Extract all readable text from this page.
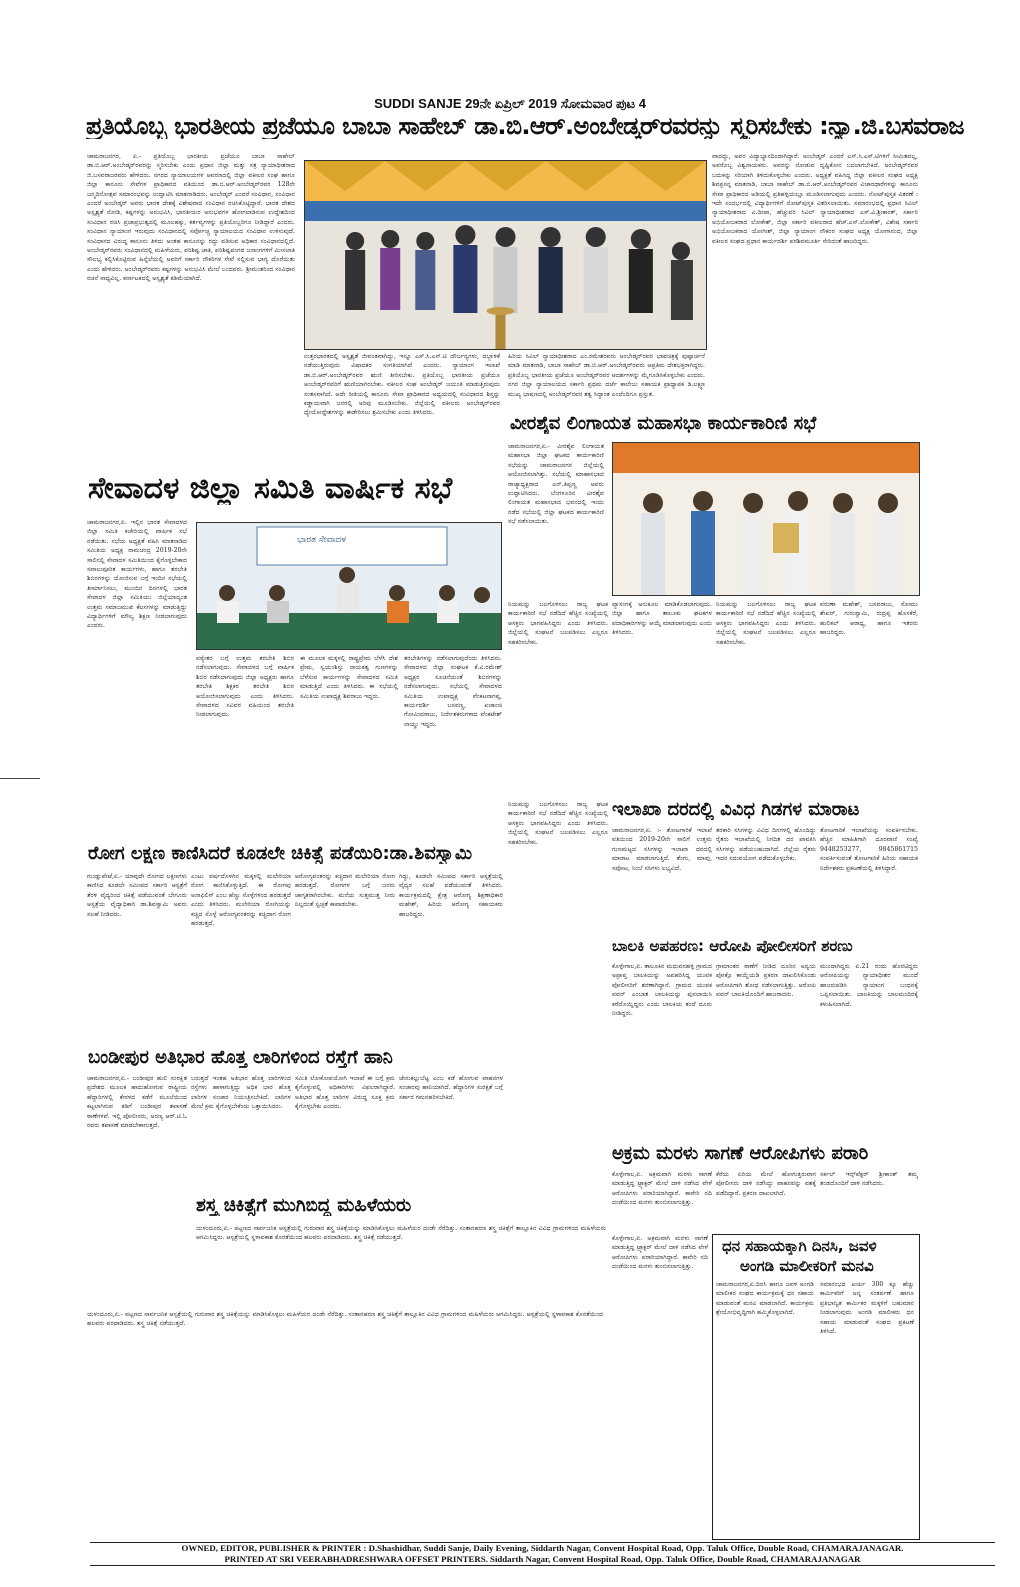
SUDDI SANJE 29ನೇ ಏಪ್ರಿಲ್ 2019 ಸೋಮವಾರ ಪುಟ 4
ಪ್ರತಿಯೊಬ್ಬ ಭಾರತೀಯ ಪ್ರಜೆಯೂ ಬಾಬಾ ಸಾಹೇಬ್ ಡಾ.ಬಿ.ಆರ್.ಅಂಬೇಡ್ಕರ್‌ರವರನ್ನು ಸ್ಮರಿಸಬೇಕು :ನ್ಯಾ.ಜಿ.ಬಸವರಾಜ
ಚಾಮರಾಜನಗರ, ಏ.- ಪ್ರತಿಯೊಬ್ಬ ಭಾರತೀಯ ಪ್ರಜೆಯೂ ಬಾಬಾ ಸಾಹೇಬ್ ಡಾ.ಬಿ.ಆರ್.ಅಂಬೇಡ್ಕರ್‌ರವರನ್ನು ಸ್ಮರಿಸಬೇಕು ಎಂದು ಪ್ರಧಾನ ಜಿಲ್ಲಾ ಮತ್ತು ಸತ್ರ ನ್ಯಾಯಾಧೀಶರಾದ ಜಿ.ಬಸವರಾಜರವರು ಹೇಳಿದರು. ನಗರದ ನ್ಯಾಯಾಲಯಗಳ ಆವರಣದಲ್ಲಿ ಜಿಲ್ಲಾ ವಕೀಲರ ಸಂಘ ಹಾಗೂ ಜಿಲ್ಲಾ ಕಾನೂನು ಸೇವೆಗಳ ಪ್ರಾಧಿಕಾರದ ವತಿಯಿಂದ ಡಾ.ಬಿ.ಆರ್.ಅಂಬೇಡ್ಕರ್‌ರವರ 128ನೇ ಜನ್ಮದಿನೋತ್ಸವ ಸಮಾರಂಭವನ್ನು ಉದ್ಘಾಟಿಸಿ ಮಾತನಾಡಿದರು. ಅಂಬೇಡ್ಕರ್ ಎಂದರೆ ಸಂವಿಧಾನ, ಸಂವಿಧಾನ ಎಂದರೆ ಅಂಬೇಡ್ಕರ್ ಅವರು ಭಾರತ ದೇಶಕ್ಕೆ ವಿಶೇಷವಾದ ಸಂವಿಧಾನ ರಚಿಸಿಕೊಟ್ಟಿದ್ದಾರೆ. ಭಾರತ ದೇಶದ ಅಸ್ಪೃಶ್ಯತೆ ನೋಡಿ, ಕಷ್ಟಗಳನ್ನು ಅನುಭವಿಸಿ, ಭಾರತೀಯರ ಅನುಭವಗಳ ಹೋಗಲಾಡಿಸುವ ಉದ್ದೇಶದಿಂದ ಸಂವಿಧಾನ ರಚಿಸಿ ಪ್ರಜಾಪ್ರಭುತ್ವದಲ್ಲಿ ಮೂಲಹಕ್ಕು, ಕರ್ತವ್ಯಗಳನ್ನು ಪ್ರತಿಯೊಬ್ಬರಿಗೂ ನೀಡಿದ್ದಾರೆ ಎಂದರು. ಸಂವಿಧಾನ ನ್ಯಾಯಾಂಗ ಇರುವುದು ಸಂವಿಧಾನದಲ್ಲಿ ಸರ್ವೋಚ್ಚ ನ್ಯಾಯಾಲಯದ ಸಂವಿಧಾನ ಉಳಿಸುವುದೆ. ಸಂವಿಧಾನದ ವಿರುದ್ಧ ಕಾನೂನು ತಿಳಿದು ಅಂತಹ ಕಾನೂನನ್ನು ರದ್ದು ಪಡಿಸುವ ಅಧಿಕಾರ ಸಂವಿಧಾನದಲ್ಲಿದೆ. ಅಂಬೇಡ್ಕರ್‌ರವರು ಸಂವಿಧಾನದಲ್ಲಿ ಮಹಿಳೆಯರು, ಪರಿಶಿಷ್ಟ ಜಾತಿ, ಪರಿಶಿಷ್ಟಪಂಗಡ ಜನಾಂಗಗಳಿಗೆ ಮೀಸಲಾತಿ ಸೌಲಭ್ಯ ಕಲ್ಪಿಸಿಕೊಟ್ಟಿರುವ ಹಿನ್ನೆಲೆಯಲ್ಲಿ ಅವರಿಗೆ ಸರ್ಕಾರಿ ನೌಕರಿಗಳ ಸೇವೆ ಸಲ್ಲಿಸುವ ಭಾಗ್ಯ ದೊರೆಯಿತು ಎಂದು ಹೇಳಿದರು. ಅಂಬೇಡ್ಕರ್‌ರವರು ಕಷ್ಟಗಳನ್ನು ಅನುಭವಿಸಿ ಮೇಲೆ ಬಂದವರು. ಶ್ರೀಮಂತರಿಂದ ಸಂವಿಧಾನ ರಚನೆ ಸಾಧ್ಯವಿಲ್ಲ. ಕರ್ನಾಟಕದಲ್ಲಿ ಅಸ್ಪೃಶ್ಯತೆ ಕಡಿಮೆಯಾಗಿದೆ.
ಉತ್ತರಭಾರತದಲ್ಲಿ ಅಸ್ಪೃಶ್ಯತೆ ಜೀವಂತವಾಗಿದ್ದು, ಇನ್ನೂ ಎಸ್.ಸಿ.ಎಸ್.ಟಿ ದೌರ್ಜನ್ಯಗಳು, ದಬ್ಬಾಳಿಕೆ ನಡೆಯುತ್ತಿರುವುದು ವಿಷಾದಕರ ಸಂಗತಿಯಾಗಿದೆ ಎಂದರು. ನ್ಯಾಯಾಂಗ ಇಲಾಖೆ ಡಾ.ಬಿ.ಆರ್.ಅಂಬೇಡ್ಕರ್‌ರವರ ಋಣಿ ತೀರಿಸಬೇಕು. ಪ್ರತಿಯೊಬ್ಬ ಭಾರತೀಯ ಪ್ರಜೆಯೂ ಅಂಬೇಡ್ಕರ್‌ರವರಿಗೆ ಋಣಿಯಾಗಿರಬೇಕು. ವಕೀಲರ ಸಂಘ ಅಂಬೇಡ್ಕರ್ ಜಯಂತಿ ಮಾಡುತ್ತಿರುವುದು ಸಂತಸವಾಗಿದೆ. ಅದೇ ರೀತಿಯಲ್ಲಿ ಕಾನೂನು ಸೇವಾ ಪ್ರಾಧಿಕಾರದ ಅಧ್ಯಯದಲ್ಲಿ ಸಂವಿಧಾನದ ಶಿಸ್ತನ್ನು ಕಡ್ಡಾಯವಾಗಿ ಜನರಲ್ಲಿ ಅರಿವು ಮೂಡಿಸಬೇಕು. ಜಿಲ್ಲೆಯಲ್ಲಿ ವಕೀಲರು ಅಂಬೇಡ್ಕರ್‌ರವರ ಧ್ಯೇಯೋದ್ದೇಶಗಳನ್ನು ಈಡೇರಿಸಲು ಶ್ರಮಿಸಬೇಕು ಎಂದು ತಿಳಿಸಿದರು.
ಹಿರಿಯ ಸಿವಿಲ್ ನ್ಯಾಯಾಧೀಶರಾದ ಎಂ.ರಮೇಶರವರು ಅಂಬೇಡ್ಕರ್‌ರವರ ಭಾವಚಿತ್ರಕ್ಕೆ ಪುಷ್ಪಾರ್ಚನೆ ಮಾಡಿ ಮಾತನಾಡಿ, ಬಾಬಾ ಸಾಹೇಬ್ ಡಾ.ಬಿ.ಆರ್.ಅಂಬೇಡ್ಕರ್‌ರವರು ಅಪ್ರತಿಮ ದೇಶಭಕ್ತರಾಗಿದ್ದರು. ಪ್ರತಿಯೊಬ್ಬ ಭಾರತೀಯ ಪ್ರಜೆಯೂ ಅಂಬೇಡ್ಕರ್‌ರವರ ಆದರ್ಶಗಳನ್ನು ಮೈಗೂಡಿಸಿಕೊಳ್ಳಬೇಕು ಎಂದರು. ನಗರ ಜಿಲ್ಲಾ ನ್ಯಾಯಾಲಯದ ಸರ್ಕಾರಿ ಪ್ರಥಮ ದರ್ಜೆ ಕಾಲೇಜು ಸಹಾಯಕ ಪ್ರಾಧ್ಯಾಪಕ ಡಿ.ಲಕ್ಷ್ಮಣ ಮುಖ್ಯ ಭಾಷಣದಲ್ಲಿ ಅಂಬೇಡ್ಕರ್‌ರವರ ತತ್ವ ಸಿದ್ಧಾಂತ ಎಂದೆಂದಿಗೂ ಪ್ರಸ್ತುತ.
ವಾದದ್ದು, ಅವರ ವಿದ್ಯಾಭ್ಯಾಸದಿಂದಾಗಿದ್ದಾರೆ. ಅಂಬೇಡ್ಕರ್ ಎಂದರೆ ಎಸ್.ಸಿ.ಎಸ್.ಟಿಗಳಿಗೆ ಸೀಮಿತವಲ್ಲ, ಅವರೊಬ್ಬ ವಿಶ್ವನಾಯಕರು. ಅವರನ್ನು ನೋಡುವ ದೃಷ್ಟಿಕೋನ ಬದಲಾಗಬೇಕಿದೆ. ಅಂಬೇಡ್ಕರ್‌ರವರ ಬದುಕನ್ನು ಸರಿಯಾಗಿ ತಿಳಿದುಕೊಳ್ಳಬೇಕು ಎಂದರು. ಅಧ್ಯಕ್ಷತೆ ವಹಿಸಿದ್ದ ಜಿಲ್ಲಾ ವಕೀಲರ ಸಂಘದ ಅಧ್ಯಕ್ಷ ಶಿವಪ್ರಸನ್ನ ಮಾತನಾಡಿ, ಬಾಬಾ ಸಾಹೇಬ್ ಡಾ.ಬಿ.ಆರ್.ಅಂಬೇಡ್ಕರ್‌ರವರ ವಿಚಾರಧಾರೆಗಳನ್ನು ಕಾನೂನು ಸೇವಾ ಪ್ರಾಧಿಕಾರದ ಅಡಿಯಲ್ಲಿ ಪ್ರತಿಹಳ್ಳಿಯಲ್ಲೂ ಮೂಡಿಸಲಾಗುವುದು ಎಂದರು. ನೋಟ್‌ಪುಸ್ತಕ ವಿತರಣೆ : ಇದೇ ಸಂದರ್ಭದಲ್ಲಿ ವಿದ್ಯಾರ್ಥಿಗಳಿಗೆ ನೋಟ್‌ಪುಸ್ತಕ ವಿತರಿಸಲಾಯಿತು. ಸಮಾರಂಭದಲ್ಲಿ ಪ್ರಧಾನ ಸಿವಿಲ್ ನ್ಯಾಯಾಧೀಶರಾದ ವಿ.ದೀಪಾ, ಹೆಚ್ಚುವರಿ ಸಿವಿಲ್ ನ್ಯಾಯಾಧೀಶರಾದ ಎಸ್.ವಿ.ಶ್ರೀಕಾಂತ್, ಸರ್ಕಾರಿ ಅಭಿಯೋಜಕರಾದ ಲೋಕೇಶ್, ಜಿಲ್ಲಾ ಸರ್ಕಾರಿ ವಕೀಲರಾದ ಹೆಚ್.ಎಸ್.ಲೋಕೇಶ್, ವಿಶೇಷ ಸರ್ಕಾರಿ ಅಭಿಯೋಜಕರಾದ ಯೋಗೀಶ್, ಜಿಲ್ಲಾ ನ್ಯಾಯಾಂಗ ನೌಕರರ ಸಂಘದ ಅಧ್ಯಕ್ಷ ಯೋಗಾನಂದ, ಜಿಲ್ಲಾ ವಕೀಲರ ಸಂಘದ ಪ್ರಧಾನ ಕಾರ್ಯದರ್ಶಿ ಪರಶಿವಮೂರ್ತಿ ಸೇರಿದಂತೆ ಹಾಜರಿದ್ದರು.
ವೀರಶೈವ ಲಿಂಗಾಯತ ಮಹಾಸಭಾ ಕಾರ್ಯಕಾರಿಣಿ ಸಭೆ
ಚಾಮರಾಜನಗರ,ಏ.- ವೀರಶೈವ ಲಿಂಗಾಯತ ಮಹಾಸಭಾ ಜಿಲ್ಲಾ ಘಟಕದ ಕಾರ್ಯಕಾರಿಣಿ ಸಭೆಯನ್ನು ಚಾಮರಾಜನಗರ ಜಿಲ್ಲೆಯಲ್ಲಿ ಆಯೋಜಿಸಲಾಗಿತ್ತು. ಸಭೆಯಲ್ಲಿ ಮಾಹಾಸಭಾದ ರಾಜ್ಯಾಧ್ಯಕ್ಷರಾದ ಎನ್.ತಿಪ್ಪಣ್ಣ ಅವರು ಉದ್ಘಾಟಿಸಿದರು. ಬೆಂಗಳೂರಿನ ವೀರಶೈವ ಲಿಂಗಾಯತ ಮಹಾಸಭಾದ ಭವನದಲ್ಲಿ ಇಂದು ನಡೆದ ಸಭೆಯಲ್ಲಿ ಜಿಲ್ಲಾ ಘಟಕದ ಕಾರ್ಯಕಾರಿಣಿ ಸಭೆ ನಡೆಸಲಾಯಿತು.
ಸೇವಾದಳ ಜಿಲ್ಲಾ ಸಮಿತಿ ವಾರ್ಷಿಕ ಸಭೆ
ಚಾಮರಾಜನಗರ,ಏ. ಇಲ್ಲಿನ ಭಾರತ ಸೇವಾದಳದ ಜಿಲ್ಲಾ ಸಮಿತಿ ಕಚೇರಿಯಲ್ಲಿ ವಾರ್ಷಿಕ ಸಭೆ ನಡೆಯಿತು. ಸಭೆಯ ಅಧ್ಯಕ್ಷತೆ ವಹಿಸಿ ಮಾತನಾಡಿದ ಸಮಿತಿಯ ಅಧ್ಯಕ್ಷ ರಾಮಚಂದ್ರ 2019-20ನೇ ಸಾಲಿನಲ್ಲಿ ಸೇವಾದಳ ಸಮಿತಿಯಿಂದ ಕೈಗೊಳ್ಳಬೇಕಾದ ಸವಾಲುಪೂರಿತ ಕಾರ್ಯಗಳು, ಹಾಗೂ ತರಬೇತಿ ಶಿಬಿರಗಳನ್ನು ಯೋಜಿಸುವ ಬಗ್ಗೆ ಇಂದಿನ ಸಭೆಯಲ್ಲಿ ತೀರ್ಮಾನಿಸಲು, ಮುಂದಿನ ದಿನಗಳಲ್ಲಿ ಭಾರತ ಸೇವಾದಳ ಜಿಲ್ಲಾ ಸಮಿತಿಯು ಜಿಲ್ಲೆಯಾದ್ಯಂತ ಉತ್ತಮ ಸಮಾಜಮುಖಿ ಕೆಲಸಗಳನ್ನು ಮಾಡುತ್ತಿದ್ದು ವಿದ್ಯಾರ್ಥಿಗಳಿಗೆ ಮೌಲ್ಯ ಶಿಕ್ಷಣ ನೀಡಲಾಗುವುದು ಎಂದರು.
ಭಾರತ ಸೇವಾದಳ
ಪಠ್ಯೇತರ ಬಗ್ಗೆ ಉತ್ತಮ ತರಬೇತಿ ಶಿಬಿರ ನಡೆಸಲಾಗುವುದು. ಸೇವಾದಳದ ಬಗ್ಗೆ ವಾರ್ಷಿಕ ಶಿಬಿರ ನಡೆಸಲಾಗುವುದು ಜಿಲ್ಲಾ ಅಧ್ಯಕ್ಷರು ಹಾಗೂ ತರಬೇತಿ ಶಿಕ್ಷಕರ ತರಬೇತಿ ಶಿಬಿರ ಆಯೋಜಿಸಲಾಗುವುದು ಎಂದು ತಿಳಿಸಿದರು. ಸೇವಾದಳದ ಸವಿವರ ವಹಿಯಂದ ತರಬೇತಿ ನೀಡಲಾಗುವುದು.
ಈ ಮೂಲಕ ಮಕ್ಕಳಲ್ಲಿ ರಾಷ್ಟ್ರಪ್ರೇಮ ಬೆಳೆಸಿ ದೇಶ ಪ್ರೇಮ, ಸ್ವಯಂಶಿಸ್ತು ನಾಯಕತ್ವ ಗುಣಗಳನ್ನು ಬೆಳೆಸುವ ಕಾರ್ಯಗಳನ್ನು ಸೇವಾದಳದ ಸಮಿತಿ ಮಾಡುತ್ತಿದೆ ಎಂದು ತಿಳಿಸಿದರು. ಈ ಸಭೆಯಲ್ಲಿ ಸಮಿತಿಯ ಉಪಾಧ್ಯಕ್ಷ ಶಿವರಾಜು ಇದ್ದರು.
ತರಬೇತಿಗಳನ್ನು ನಡೆಸಲಾಗುವುದೆಂದು ತಿಳಿಸಿದರು. ಸೇವಾದಳದ ಜಿಲ್ಲಾ ಸಂಘಟಕ ಕೆ.ವಿ.ರಮೇಶ್ ಅಧ್ಯಕ್ಷರ ಸೂಚನೆಯಂತೆ ಶಿಬಿರಗಳನ್ನು ನಡೆಸಲಾಗುವುದು. ಸಭೆಯಲ್ಲಿ ಸೇವಾದಳದ ಸಮಿತಿಯ ಉಪಾಧ್ಯಕ್ಷ ವೆಂಕಟನಾಗಪ್ಪ, ಕಾರ್ಯದರ್ಶಿ ಬಸವಣ್ಣ, ಖಜಾಂಚಿ ಗೋವಿಂದರಾಜು, ನಿರ್ದೇಶಕರುಗಳಾದ ವೆಂಕಟೇಶ್ ನಾಯ್ಡು ಇದ್ದರು.
ನಿಯಮನ್ನು ಬಲಗೊಳಿಸಲು ರಾಜ್ಯ ಘಟಕ ಕಾರ್ಯಕಾರಿಣಿ ಸಭೆ ನಡೆದಿದೆ ಹೆಚ್ಚಿನ ಸಂಖ್ಯೆಯಲ್ಲಿ ಆಸಕ್ತರು ಭಾಗವಹಿಸಿದ್ದರು ಎಂದು ತಿಳಿಸಿದರು. ಜಿಲ್ಲೆಯಲ್ಲಿ ಸಂಘಟನೆ ಬಲಪಡಿಸಲು ಎಲ್ಲರೂ ಸಹಕರಿಸಬೇಕು.
ವ್ಯಾಸಂಗಕ್ಕೆ ಅನುಕೂಲ ಮಾಡಿಕೊಡಲಾಗುವುದು. ಜಿಲ್ಲಾ ಹಾಗೂ ತಾಲೂಕು ಘಟಕಗಳ ಪದಾಧಿಕಾರಿಗಳನ್ನು ಆಯ್ಕೆ ಮಾಡಲಾಗುವುದು ಎಂದು ತಿಳಿಸಿದರು.
ನಿಯಮನ್ನು ಬಲಗೊಳಿಸಲು ರಾಜ್ಯ ಘಟಕ ಕಾರ್ಯಕಾರಿಣಿ ಸಭೆ ನಡೆದಿದೆ ಹೆಚ್ಚಿನ ಸಂಖ್ಯೆಯಲ್ಲಿ ಆಸಕ್ತರು ಭಾಗವಹಿಸಿದ್ದರು ಎಂದು ತಿಳಿಸಿದರು. ಜಿಲ್ಲೆಯಲ್ಲಿ ಸಂಘಟನೆ ಬಲಪಡಿಸಲು ಎಲ್ಲರೂ ಸಹಕರಿಸಬೇಕು.
ವರುಣಾ ಮಹೇಶ್, ಬಸವರಾಜು, ಸೋಮು ಶೇಖರ್, ಗುರುಸ್ವಾಮಿ, ರುದ್ರಪ್ಪ ಹೊಸಕೆರೆ, ಹುಲಿಕಲ್ ಆರಾಧ್ಯ, ಹಾಗೂ ಇತರರು ಹಾಜರಿದ್ದರು.
ರೋಗ ಲಕ್ಷಣ ಕಾಣಿಸಿದರೆ ಕೂಡಲೇ ಚಿಕಿತ್ಸೆ ಪಡೆಯಿರಿ:ಡಾ.ಶಿವಸ್ವಾಮಿ
ಗುಂಡ್ಲುಪೇಟೆ,ಏ.- ಯಾವುದೇ ರೋಗದ ಲಕ್ಷಣಗಳು ಕಾಣಿಸಿದ ಕೂಡಲೇ ಸಮೀಪದ ಸರ್ಕಾರಿ ಆಸ್ಪತ್ರೆಗೆ ತೆರಳಿ ವೈದ್ಯರಿಂದ ಚಿಕಿತ್ಸೆ ಪಡೆಯುವಂತೆ ಬೇಗೂರು ಆಸ್ಪತ್ರೆಯ ವೈದ್ಯಾಧಿಕಾರಿ ಡಾ.ಶಿವಸ್ವಾಮಿ ಅವರು ಸಲಹೆ ನೀಡಿದರು.
ಎಂಟು ವರ್ಷದೊಳಗಿನ ಮಕ್ಕಳಲ್ಲಿ ಮಲೇರಿಯಾ ರೋಗ ಕಾಣಿಸಿಕೊಳ್ಳುತ್ತಿದೆ. ಈ ರೋಗವು ಅನಾಫಿಲಿಸ್ ಎಂಬ ಹೆಣ್ಣು ಸೊಳ್ಳೆಗಳಿಂದ ಹರಡುತ್ತದೆ ಎಂದು ತಿಳಿಸಿದರು. ಮಲೇರಿಯಾ ರೋಗಿಯನ್ನು ಕಚ್ಚಿದ ಸೊಳ್ಳೆ ಆರೋಗ್ಯವಂತರನ್ನು ಕಚ್ಚಿದಾಗ ರೋಗ ಹರಡುತ್ತದೆ.
ಆರೋಗ್ಯವಂತರನ್ನು ಕಚ್ಚಿದಾಗ ಮಲೇರಿಯಾ ರೋಗ ಹರಡುತ್ತದೆ. ರೋಗಗಳ ಬಗ್ಗೆ ಜನರು ಜಾಗೃತರಾಗಿರಬೇಕು. ಮನೆಯ ಸುತ್ತಮುತ್ತ ನೀರು ನಿಲ್ಲದಂತೆ ಸ್ವಚ್ಛತೆ ಕಾಪಾಡಬೇಕು.
ಗಿದ್ದು, ಕೂಡಲೇ ಸಮೀಪದ ಸರ್ಕಾರಿ ಆಸ್ಪತ್ರೆಯಲ್ಲಿ ವೈದ್ಯರ ಸಲಹೆ ಪಡೆಯುವಂತೆ ತಿಳಿಸಿದರು. ಕಾರ್ಯಕ್ರಮದಲ್ಲಿ ಕ್ಷೇತ್ರ ಆರೋಗ್ಯ ಶಿಕ್ಷಣಾಧಿಕಾರಿ ಮಹೇಶ್, ಹಿರಿಯ ಆರೋಗ್ಯ ಸಹಾಯಕರು ಹಾಜರಿದ್ದರು.
ಇಲಾಖಾ ದರದಲ್ಲಿ ವಿವಿಧ ಗಿಡಗಳ ಮಾರಾಟ
ಚಾಮರಾಜನಗರ,ಏ. :- ತೋಟಗಾರಿಕೆ ಇಲಾಖೆ ವತಿಯಿಂದ 2019-20ನೇ ಸಾಲಿಗೆ ಉತ್ತಮ ಗುಣಮಟ್ಟದ ಸಸಿಗಳನ್ನು ಇಲಾಖಾ ದರದಲ್ಲಿ ಮಾರಾಟ ಮಾಡಲಾಗುತ್ತಿದೆ. ತೆಂಗು, ಮಾವು, ಸಪೋಟ, ನಿಂಬೆ ಸಸಿಗಳು ಲಭ್ಯವಿದೆ.
ತರಕಾರಿ ಸಸಿಗಳನ್ನು ವಿವಿಧ ದಿನಗಳಲ್ಲಿ ಹೊಂದಿದ್ದು ರೈತರು ಇಲಾಖೆಯಲ್ಲಿ ನಿಗದಿತ ದರ ಪಾವತಿಸಿ ಸಸಿಗಳನ್ನು ಪಡೆಯಬಹುದಾಗಿದೆ. ಜಿಲ್ಲೆಯ ರೈತರು ಇದರ ಸದುಪಯೋಗ ಪಡೆದುಕೊಳ್ಳಬೇಕು.
ತೋಟಗಾರಿಕೆ ಇಲಾಖೆಯನ್ನು ಸಂಪರ್ಕಿಸಬೇಕು. ಹೆಚ್ಚಿನ ಮಾಹಿತಿಗಾಗಿ ದೂರವಾಣಿ ಸಂಖ್ಯೆ 9448253277, 9845861715 ಸಂಪರ್ಕಿಸುವಂತೆ ತೋಟಗಾರಿಕೆ ಹಿರಿಯ ಸಹಾಯಕ ನಿರ್ದೇಶಕರು ಪ್ರಕಟಣೆಯಲ್ಲಿ ತಿಳಿಸಿದ್ದಾರೆ.
ಬಾಲಕಿ ಅಪಹರಣ: ಆರೋಪಿ ಪೋಲೀಸರಿಗೆ ಶರಣು
ಕೊಳ್ಳೇಗಾಲ,ಏ. ತಾಲೂಕಿನ ಮಧುವನಹಳ್ಳಿ ಗ್ರಾಮದ ಅಪ್ರಾಪ್ತ ಬಾಲಕಿಯನ್ನು ಅಪಹರಿಸಿದ್ದ ಯುವಕ ಪೋಲೀಸರಿಗೆ ಶರಣಾಗಿದ್ದಾನೆ. ಗ್ರಾಮದ ಯುವಕ ಪವನ್ ಎಂಬಾತ ಬಾಲಕಿಯನ್ನು ಪುಸಲಾಯಿಸಿ ಕರೆದೊಯ್ದಿದ್ದನು ಎಂದು ಬಾಲಕಿಯ ತಂದೆ ದೂರು ನೀಡಿದ್ದರು.
ಗ್ರಾಮಾಂತರ ಠಾಣೆಗೆ ನೀಡಿದ ದೂರಿನ ಅನ್ವಯ ಪೋಕ್ಸೊ ಕಾಯ್ದೆಯಡಿ ಪ್ರಕರಣ ದಾಖಲಿಸಿಕೊಂಡು ಆರೋಪಿಗಾಗಿ ಶೋಧ ನಡೆಸಲಾಗುತ್ತಿತ್ತು. ಆರೋಪಿ ಪವನ್ ಬಾಲಕಿಯೊಂದಿಗೆ ಹಾಜರಾದನು.
ಮುಂದಾಗಿದ್ದರು ಏ.21 ರಂದು ಹೊರಟಿದ್ದರು ಆರೋಪಿಯನ್ನು ನ್ಯಾಯಾಧೀಶರ ಮುಂದೆ ಹಾಜರುಪಡಿಸಿ ನ್ಯಾಯಾಂಗ ಬಂಧನಕ್ಕೆ ಒಪ್ಪಿಸಲಾಯಿತು. ಬಾಲಕಿಯನ್ನು ಬಾಲಮಂದಿರಕ್ಕೆ ಕಳುಹಿಸಲಾಗಿದೆ.
ನಿಯಮನ್ನು ಬಲಗೊಳಿಸಲು ರಾಜ್ಯ ಘಟಕ ಕಾರ್ಯಕಾರಿಣಿ ಸಭೆ ನಡೆದಿದೆ ಹೆಚ್ಚಿನ ಸಂಖ್ಯೆಯಲ್ಲಿ ಆಸಕ್ತರು ಭಾಗವಹಿಸಿದ್ದರು ಎಂದು ತಿಳಿಸಿದರು. ಜಿಲ್ಲೆಯಲ್ಲಿ ಸಂಘಟನೆ ಬಲಪಡಿಸಲು ಎಲ್ಲರೂ ಸಹಕರಿಸಬೇಕು.
ಬಂಡೀಪುರ ಅತಿಭಾರ ಹೊತ್ತ ಲಾರಿಗಳಿಂದ ರಸ್ತೆಗೆ ಹಾನಿ
ಚಾಮರಾಜನಗರ,ಏ.- ಬಂಡೀಪುರ ಹುಲಿ ಸಂರಕ್ಷಿತ ಪ್ರದೇಶದ ಮೂಲಕ ಹಾದುಹೋಗುವ ರಾಷ್ಟ್ರೀಯ ಹೆದ್ದಾರಿಗಳಲ್ಲಿ ಕೇರಳದ ಕಡೆಗೆ ಮೂಲೆಯಿಂದ ಕಟ್ಟಲಾಗಿರುವ ಕಡಿಗೆ ಬಂಡೀಪುರ ತಪಾಸಣೆ ಠಾಣೆಗಳಿವೆ. ಇಲ್ಲಿ ಪೋಲೀಸರು, ಅರಣ್ಯ ಆರ್.ಟಿ.ಓ ರವರು ತಪಾಸಣೆ ಮಾಡಬೇಕಾಗುತ್ತದೆ.
ಬರುತ್ತದೆ ಇಂತಹ ಅತಿಭಾರ ಹೊತ್ತ ಲಾರಿಗಳಿಂದ ರಸ್ತೆಗಳು ಹಾಳಾಗುತ್ತಿದ್ದು ಅಧಿಕ ಭಾರ ಹೊತ್ತ ಲಾರಿಗಳ ಸಂಚಾರ ನಿಯಂತ್ರಿಸಬೇಕಿದೆ. ಲಾರಿಗಳ ಮೇಲೆ ಕ್ರಮ ಕೈಗೊಳ್ಳಬೇಕೆಂದು ಒತ್ತಾಯಿಸಿದರು.
ಸಮಿತಿ ಲೋಕೋಪಯೋಗಿ ಇಲಾಖೆ ಈ ಬಗ್ಗೆ ಕ್ರಮ ಕೈಗೊಳ್ಳುವಲ್ಲಿ ಅಧಿಕಾರಿಗಳು ವಿಫಲರಾಗಿದ್ದಾರೆ. ಅತಿಭಾರ ಹೊತ್ತ ಲಾರಿಗಳ ವಿರುದ್ಧ ಸೂಕ್ತ ಕ್ರಮ ಕೈಗೊಳ್ಳಬೇಕು ಎಂದರು.
ಜೇನುಕಲ್ಲುಬೆಟ್ಟ ಎಂಬ ಕಡೆ ಹೋಗುವ ವಾಹನಗಳ ಸಂಚಾರವು ಹಾನಿಯಾಗಿದೆ. ಹೆದ್ದಾರಿಗಳ ಸುರಕ್ಷತೆ ಬಗ್ಗೆ ಸರ್ಕಾರ ಗಮನಹರಿಸಬೇಕಿದೆ.
ಶಸ್ತ್ರ ಚಿಕಿತ್ಸೆಗೆ ಮುಗಿಬಿದ್ದ ಮಹಿಳೆಯರು
ಯಳಂದೂರು,ಏ.- ಪಟ್ಟಣದ ಸಾರ್ವಜನಿಕ ಆಸ್ಪತ್ರೆಯಲ್ಲಿ ಗುರುವಾರ ಶಸ್ತ್ರ ಚಿಕಿತ್ಸೆಯನ್ನು ಮಾಡಿಸಿಕೊಳ್ಳಲು ಮಹಿಳೆಯರ ದಂಡೇ ನೆರೆದಿತ್ತು. ಸಂತಾನಹರಣ ಶಸ್ತ್ರ ಚಿಕಿತ್ಸೆಗೆ ತಾಲ್ಲೂಕಿನ ವಿವಿಧ ಗ್ರಾಮಗಳಿಂದ ಮಹಿಳೆಯರು ಆಗಮಿಸಿದ್ದರು. ಆಸ್ಪತ್ರೆಯಲ್ಲಿ ಸ್ಥಳಾವಕಾಶ ಕೊರತೆಯಿಂದ ಹಲವರು ಪರದಾಡಿದರು. ಶಸ್ತ್ರ ಚಿಕಿತ್ಸೆ ನಡೆಯುತ್ತದೆ.
ಅಕ್ರಮ ಮರಳು ಸಾಗಣೆ ಆರೋಪಿಗಳು ಪರಾರಿ
ಕೊಳ್ಳೇಗಾಲ,ಏ. ಅಕ್ರಮವಾಗಿ ಮರಳು ಸಾಗಣೆ ಮಾಡುತ್ತಿದ್ದ ಟ್ರ್ಯಾಕ್ಟರ್ ಮೇಲೆ ದಾಳಿ ನಡೆಸಿದ ವೇಳೆ ಆರೋಪಿಗಳು ಪರಾರಿಯಾಗಿದ್ದಾರೆ. ಕಾವೇರಿ ನದಿ ದಂಡೆಯಿಂದ ಮರಳು ತುಂಬಿಸಲಾಗುತ್ತಿತ್ತು.
ಕೆರೆಯ ಏರಿಯ ಮೇಲೆ ಹೋಗುತ್ತಿರುವಾಗ ಪೋಲೀಸರು ದಾಳಿ ನಡೆಸಿದ್ದು ವಾಹನವನ್ನು ವಶಕ್ಕೆ ಪಡೆದಿದ್ದಾರೆ. ಪ್ರಕರಣ ದಾಖಲಾಗಿದೆ.
ಸರ್ಕಲ್ ಇನ್ಸ್‌ಪೆಕ್ಟರ್ ಶ್ರೀಕಾಂತ್ ತಮ್ಮ ತಂಡದೊಂದಿಗೆ ದಾಳಿ ನಡೆಸಿದರು.
ಧನ ಸಹಾಯಕ್ಕಾಗಿ ದಿನಸಿ, ಜವಳಿ
ಅಂಗಡಿ ಮಾಲೀಕರಿಗೆ ಮನವಿ
ಚಾಮರಾಜನಗರ,ಏ.ದಿನಸಿ ಹಾಗೂ ಜವಳಿ ಅಂಗಡಿ ಮಾಲೀಕರ ಸಂಘದ ಕಾರ್ಯಕ್ರಮಕ್ಕೆ ಧನ ಸಹಾಯ ಮಾಡುವಂತೆ ಮನವಿ ಮಾಡಲಾಗಿದೆ. ಕಾರ್ಯಕ್ರಮ ಶ್ರೇಯೋಭಿವೃದ್ಧಿಗಾಗಿ ಹಮ್ಮಿಕೊಳ್ಳಲಾಗಿದೆ.
ಸಮಾರಂಭದ ಖರ್ಚು 300 ಕ್ಕೂ ಹೆಚ್ಚು ಕಾರ್ಮಿಕರಿಗೆ ಅನ್ನ ಸಂತರ್ಪಣೆ ಹಾಗೂ ಪ್ರತಿಭಾನ್ವಿತ ಕಾರ್ಮಿಕರ ಮಕ್ಕಳಿಗೆ ಬಹುಮಾನ ನೀಡಲಾಗುವುದು ಅಂಗಡಿ ಮಾಲೀಕರು ಧನ ಸಹಾಯ ಮಾಡುವಂತೆ ಸಂಘದ ಪ್ರಕಟಣೆ ತಿಳಿಸಿದೆ.
ಕೊಳ್ಳೇಗಾಲ,ಏ. ಅಕ್ರಮವಾಗಿ ಮರಳು ಸಾಗಣೆ ಮಾಡುತ್ತಿದ್ದ ಟ್ರ್ಯಾಕ್ಟರ್ ಮೇಲೆ ದಾಳಿ ನಡೆಸಿದ ವೇಳೆ ಆರೋಪಿಗಳು ಪರಾರಿಯಾಗಿದ್ದಾರೆ. ಕಾವೇರಿ ನದಿ ದಂಡೆಯಿಂದ ಮರಳು ತುಂಬಿಸಲಾಗುತ್ತಿತ್ತು.
ಯಳಂದೂರು,ಏ.- ಪಟ್ಟಣದ ಸಾರ್ವಜನಿಕ ಆಸ್ಪತ್ರೆಯಲ್ಲಿ ಗುರುವಾರ ಶಸ್ತ್ರ ಚಿಕಿತ್ಸೆಯನ್ನು ಮಾಡಿಸಿಕೊಳ್ಳಲು ಮಹಿಳೆಯರ ದಂಡೇ ನೆರೆದಿತ್ತು. ಸಂತಾನಹರಣ ಶಸ್ತ್ರ ಚಿಕಿತ್ಸೆಗೆ ತಾಲ್ಲೂಕಿನ ವಿವಿಧ ಗ್ರಾಮಗಳಿಂದ ಮಹಿಳೆಯರು ಆಗಮಿಸಿದ್ದರು. ಆಸ್ಪತ್ರೆಯಲ್ಲಿ ಸ್ಥಳಾವಕಾಶ ಕೊರತೆಯಿಂದ ಹಲವರು ಪರದಾಡಿದರು. ಶಸ್ತ್ರ ಚಿಕಿತ್ಸೆ ನಡೆಯುತ್ತದೆ.
OWNED, EDITOR, PUBLISHER & PRINTER : D.Shashidhar, Suddi Sanje, Daily Evening, Siddarth Nagar, Convent Hospital Road, Opp. Taluk Office, Double Road, CHAMARAJANAGAR.
PRINTED AT SRI VEERABHADRESHWARA OFFSET PRINTERS. Siddarth Nagar, Convent Hospital Road, Opp. Taluk Office, Double Road, CHAMARAJANAGAR
